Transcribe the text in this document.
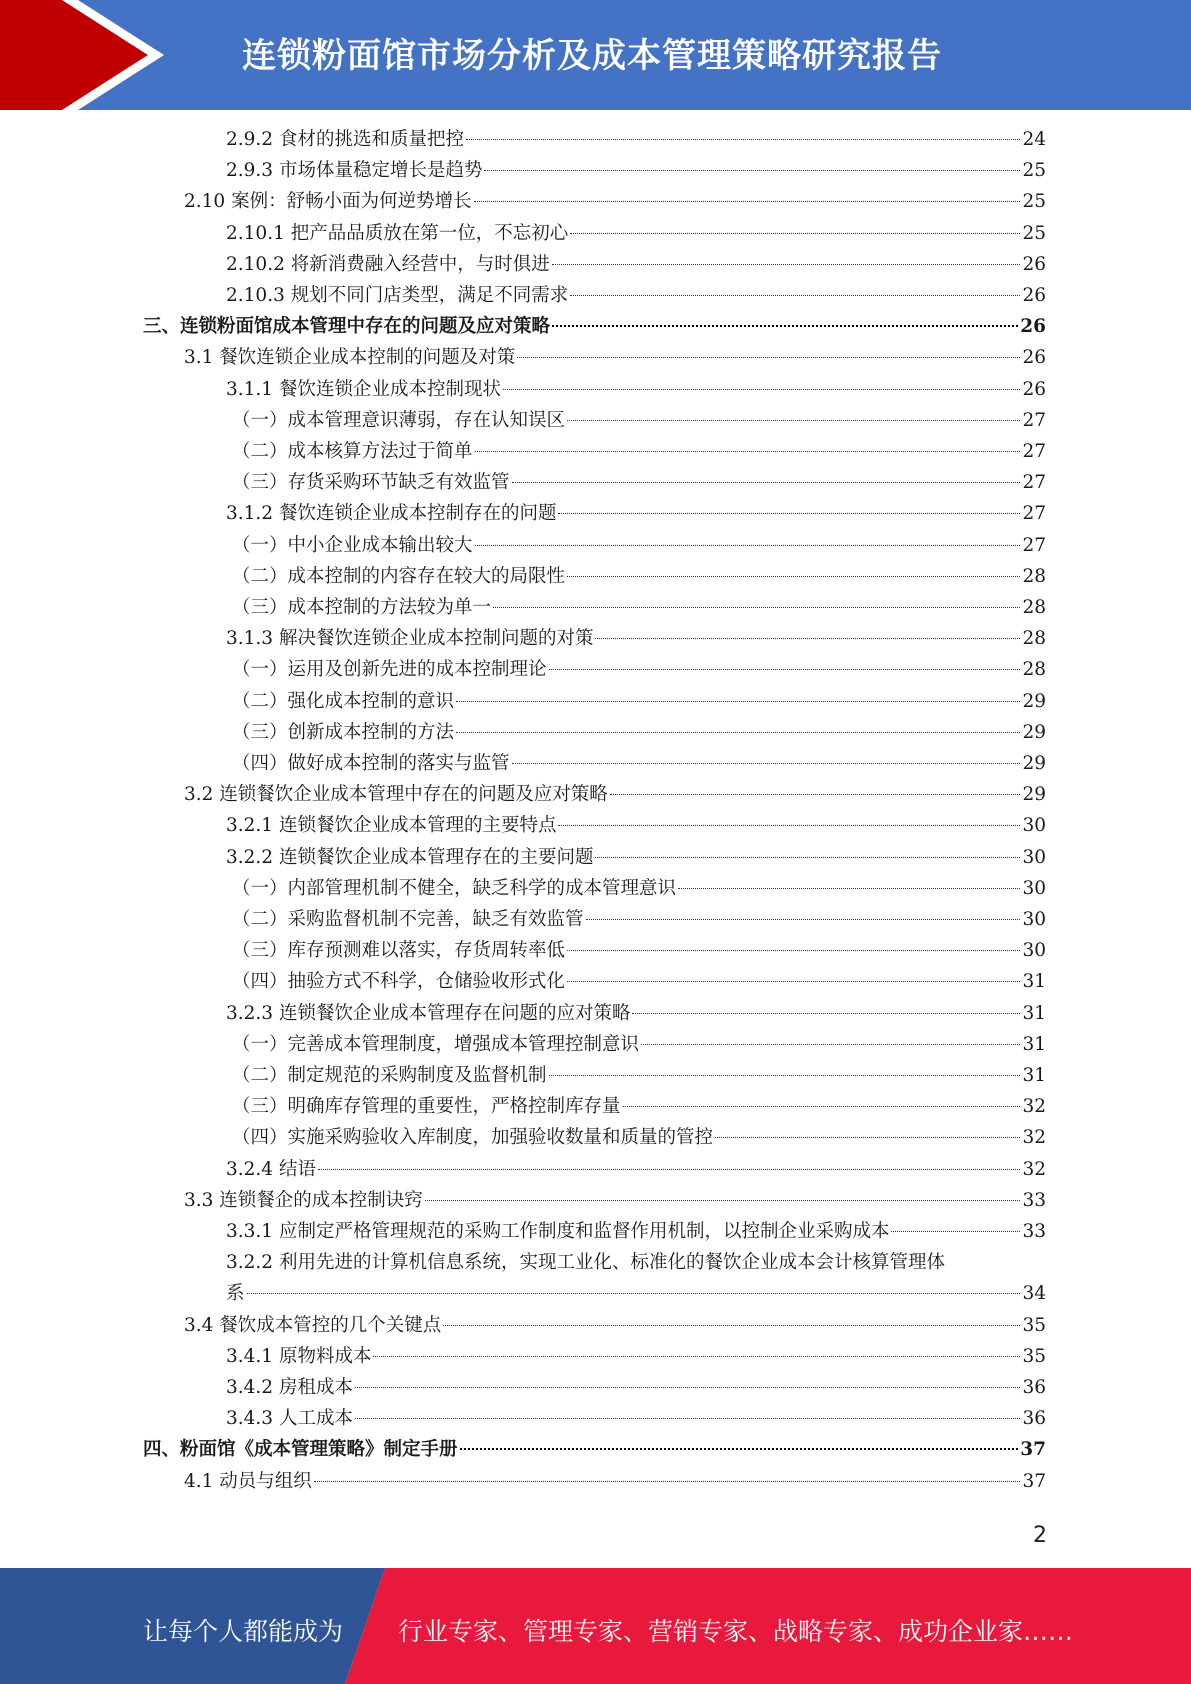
连锁粉面馆市场分析及成本管理策略研究报告
2.9.2 食材的挑选和质量把控	24
2.9.3 市场体量稳定增长是趋势	25
2.10 案例：舒畅小面为何逆势增长	25
2.10.1 把产品品质放在第一位，不忘初心	25
2.10.2 将新消费融入经营中，与时俱进	26
2.10.3 规划不同门店类型，满足不同需求	26
三、连锁粉面馆成本管理中存在的问题及应对策略	26
3.1 餐饮连锁企业成本控制的问题及对策	26
3.1.1 餐饮连锁企业成本控制现状	26
（一）成本管理意识薄弱，存在认知误区	27
（二）成本核算方法过于简单	27
（三）存货采购环节缺乏有效监管	27
3.1.2 餐饮连锁企业成本控制存在的问题	27
（一）中小企业成本输出较大	27
（二）成本控制的内容存在较大的局限性	28
（三）成本控制的方法较为单一	28
3.1.3 解决餐饮连锁企业成本控制问题的对策	28
（一）运用及创新先进的成本控制理论	28
（二）强化成本控制的意识	29
（三）创新成本控制的方法	29
（四）做好成本控制的落实与监管	29
3.2 连锁餐饮企业成本管理中存在的问题及应对策略	29
3.2.1 连锁餐饮企业成本管理的主要特点	30
3.2.2 连锁餐饮企业成本管理存在的主要问题	30
（一）内部管理机制不健全，缺乏科学的成本管理意识	30
（二）采购监督机制不完善，缺乏有效监管	30
（三）库存预测难以落实，存货周转率低	30
（四）抽验方式不科学，仓储验收形式化	31
3.2.3 连锁餐饮企业成本管理存在问题的应对策略	31
（一）完善成本管理制度，增强成本管理控制意识	31
（二）制定规范的采购制度及监督机制	31
（三）明确库存管理的重要性，严格控制库存量	32
（四）实施采购验收入库制度，加强验收数量和质量的管控	32
3.2.4 结语	32
3.3 连锁餐企的成本控制诀窍	33
3.3.1 应制定严格管理规范的采购工作制度和监督作用机制，以控制企业采购成本	33
3.2.2 利用先进的计算机信息系统，实现工业化、标准化的餐饮企业成本会计核算管理体
系	34
3.4 餐饮成本管控的几个关键点	35
3.4.1 原物料成本	35
3.4.2 房租成本	36
3.4.3 人工成本	36
四、粉面馆《成本管理策略》制定手册	37
4.1 动员与组织	37
2
让每个人都能成为 行业专家、管理专家、营销专家、战略专家、成功企业家……
